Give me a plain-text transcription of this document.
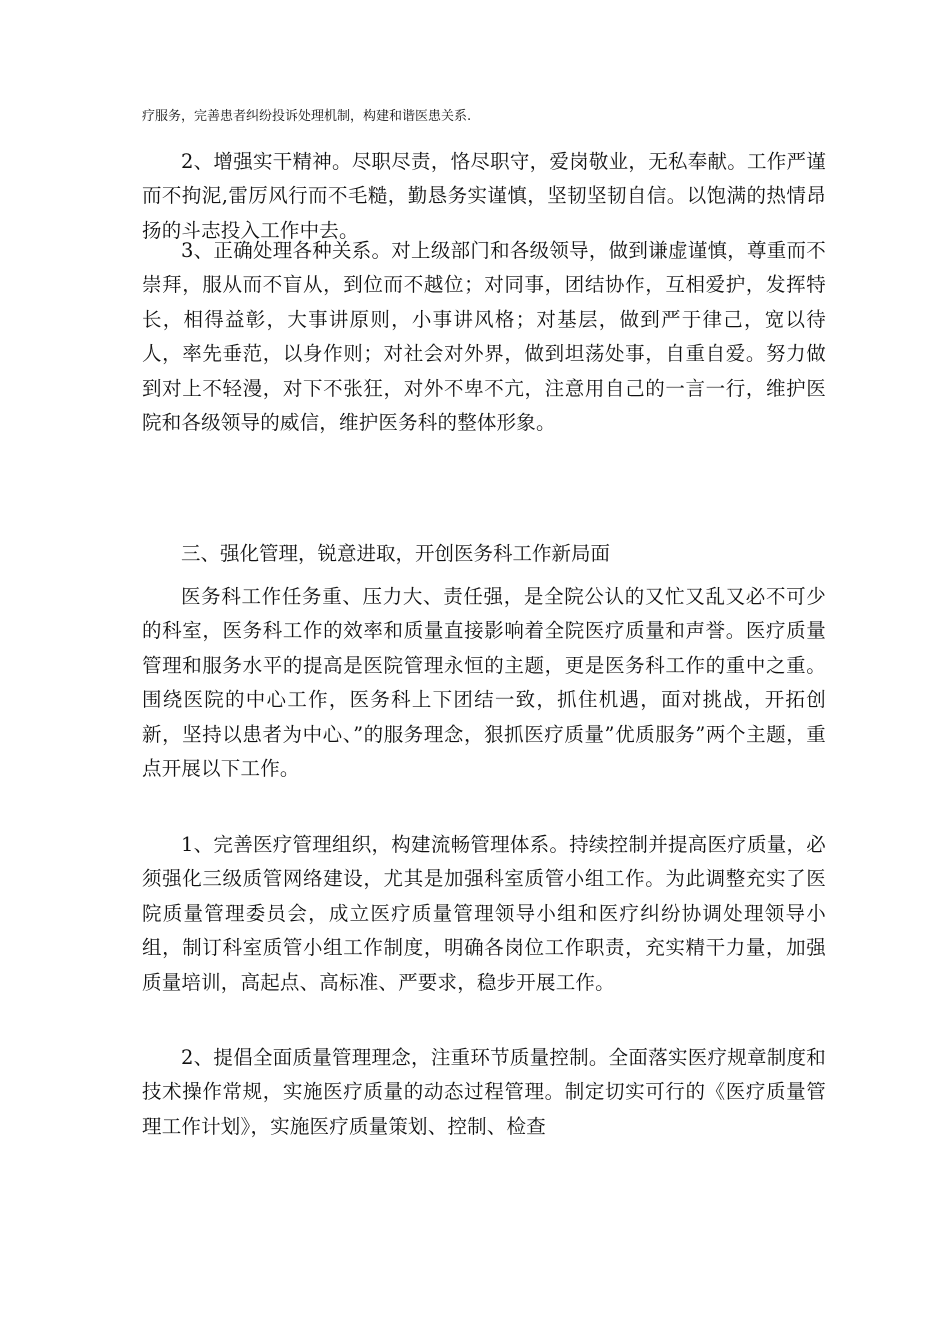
疗服务，完善患者纠纷投诉处理机制，构建和谐医患关系.

2、增强实干精神。尽职尽责，恪尽职守，爱岗敬业，无私奉献。工作严谨而不拘泥,雷厉风行而不毛糙，勤恳务实谨慎，坚韧坚韧自信。以饱满的热情昂扬的斗志投入工作中去。

3、正确处理各种关系。对上级部门和各级领导，做到谦虚谨慎，尊重而不崇拜，服从而不盲从，到位而不越位；对同事，团结协作，互相爱护，发挥特长，相得益彰，大事讲原则，小事讲风格；对基层，做到严于律己，宽以待人，率先垂范，以身作则；对社会对外界，做到坦荡处事，自重自爱。努力做到对上不轻漫，对下不张狂，对外不卑不亢，注意用自己的一言一行，维护医院和各级领导的威信，维护医务科的整体形象。

三、强化管理，锐意进取，开创医务科工作新局面

医务科工作任务重、压力大、责任强，是全院公认的又忙又乱又必不可少的科室，医务科工作的效率和质量直接影响着全院医疗质量和声誉。医疗质量管理和服务水平的提高是医院管理永恒的主题，更是医务科工作的重中之重。围绕医院的中心工作，医务科上下团结一致，抓住机遇，面对挑战，开拓创新，坚持以患者为中心、”的服务理念，狠抓医疗质量”优质服务”两个主题，重点开展以下工作。

1、完善医疗管理组织，构建流畅管理体系。持续控制并提高医疗质量，必须强化三级质管网络建设，尤其是加强科室质管小组工作。为此调整充实了医院质量管理委员会，成立医疗质量管理领导小组和医疗纠纷协调处理领导小组，制订科室质管小组工作制度，明确各岗位工作职责，充实精干力量，加强质量培训，高起点、高标准、严要求，稳步开展工作。

2、提倡全面质量管理理念，注重环节质量控制。全面落实医疗规章制度和技术操作常规，实施医疗质量的动态过程管理。制定切实可行的《医疗质量管理工作计划》，实施医疗质量策划、控制、检查
